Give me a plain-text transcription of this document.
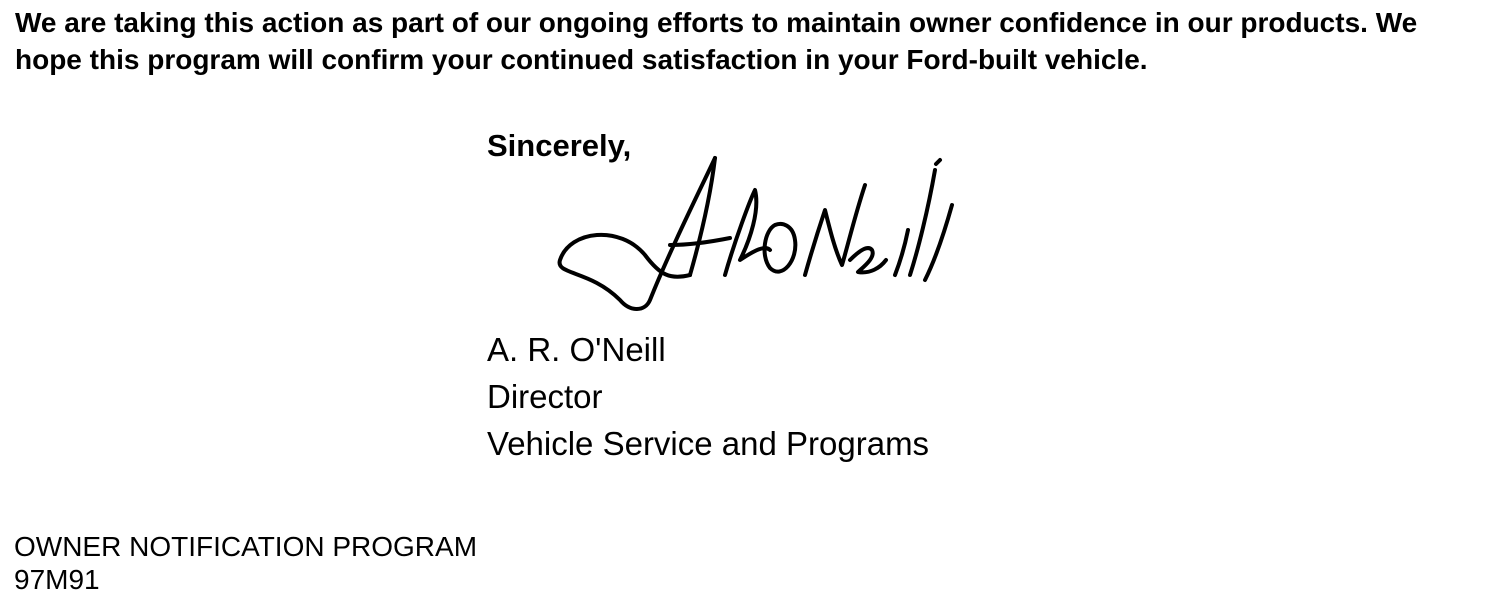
We are taking this action as part of our ongoing efforts to maintain owner confidence in our products. We hope this program will confirm your continued satisfaction in your Ford-built vehicle.

Sincerely,

A. R. O'Neill
Director
Vehicle Service and Programs
OWNER NOTIFICATION PROGRAM
97M91
